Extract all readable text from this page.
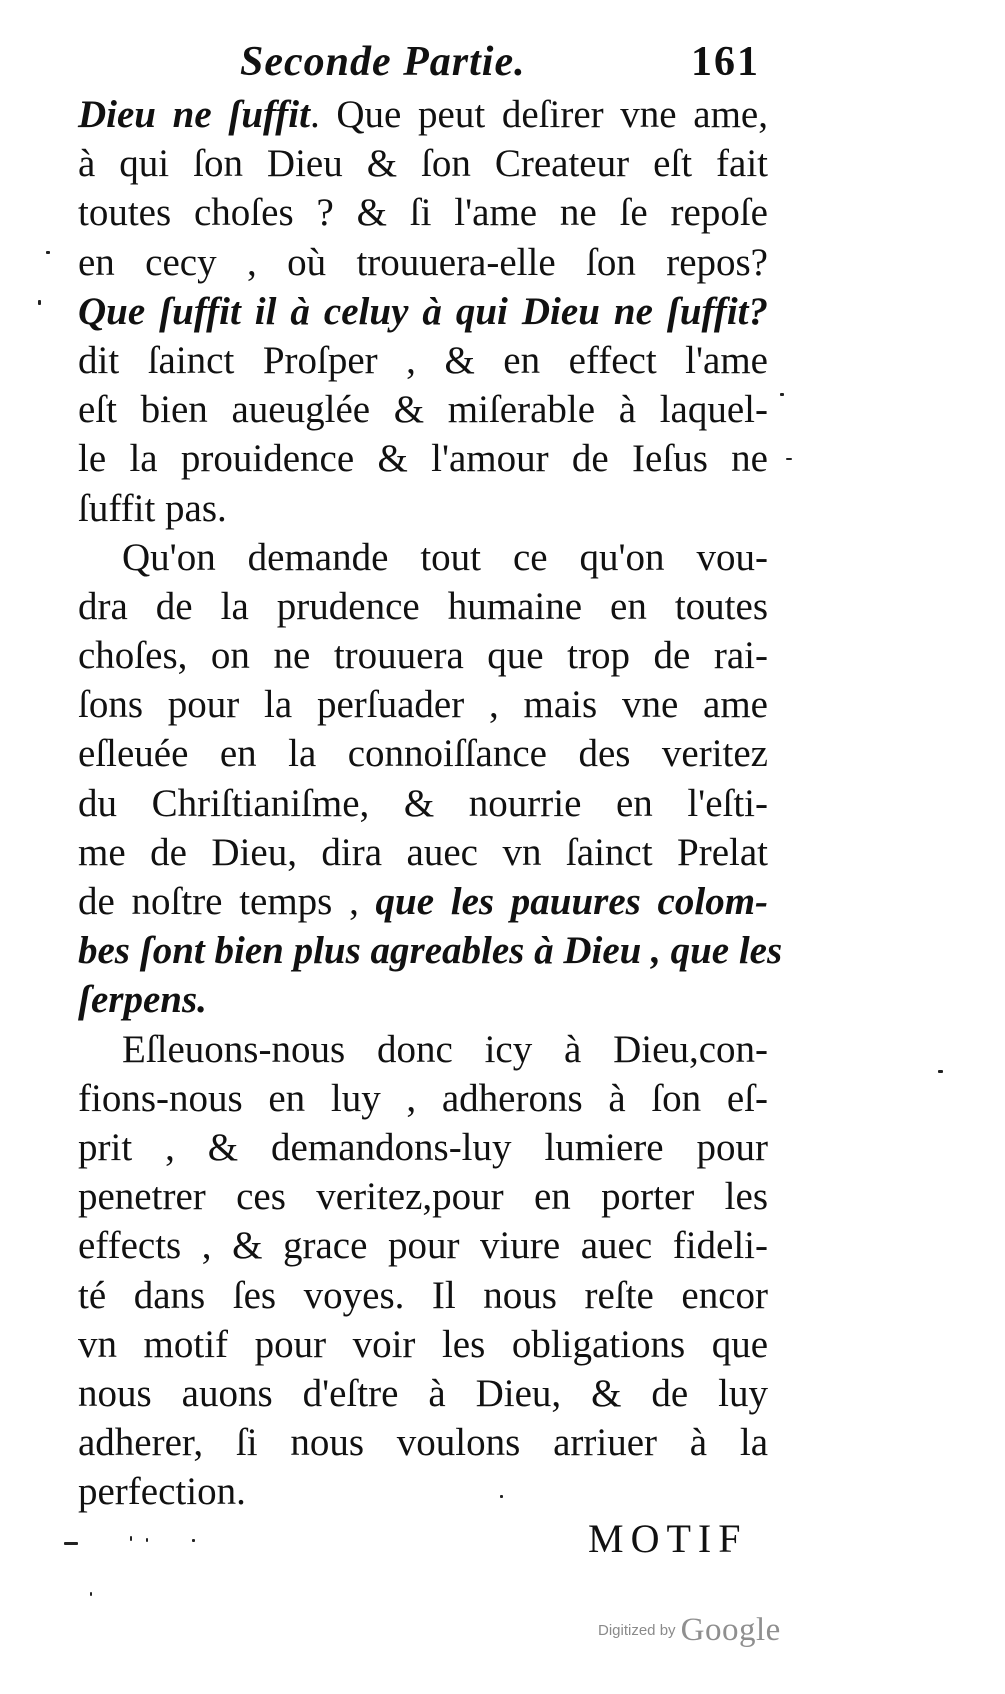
Seconde Partie.	161
Dieu ne ſuffit. Que peut deſirer vne ame,
à qui ſon Dieu & ſon Createur eſt fait
toutes choſes ? & ſi l'ame ne ſe repoſe
en cecy , où trouuera-elle ſon repos?
Que ſuffit il à celuy à qui Dieu ne ſuffit?
dit ſainct Proſper , & en effect l'ame
eſt bien aueuglée & miſerable à laquel-
le la prouidence & l'amour de Ieſus ne
ſuffit pas.
Qu'on demande tout ce qu'on vou-
dra de la prudence humaine en toutes
choſes, on ne trouuera que trop de rai-
ſons pour la perſuader , mais vne ame
eſleuée en la connoiſſance des veritez
du Chriſtianiſme, & nourrie en l'eſti-
me de Dieu, dira auec vn ſainct Prelat
de noſtre temps , que les pauures colom-
bes ſont bien plus agreables à Dieu , que les
ſerpens.
Eſleuons-nous donc icy à Dieu,con-
fions-nous en luy , adherons à ſon eſ-
prit , & demandons-luy lumiere pour
penetrer ces veritez,pour en porter les
effects , & grace pour viure auec fideli-
té dans ſes voyes. Il nous reſte encor
vn motif pour voir les obligations que
nous auons d'eſtre à Dieu, & de luy
adherer, ſi nous voulons arriuer à la
perfection.
MOTIF
Digitized by Google
